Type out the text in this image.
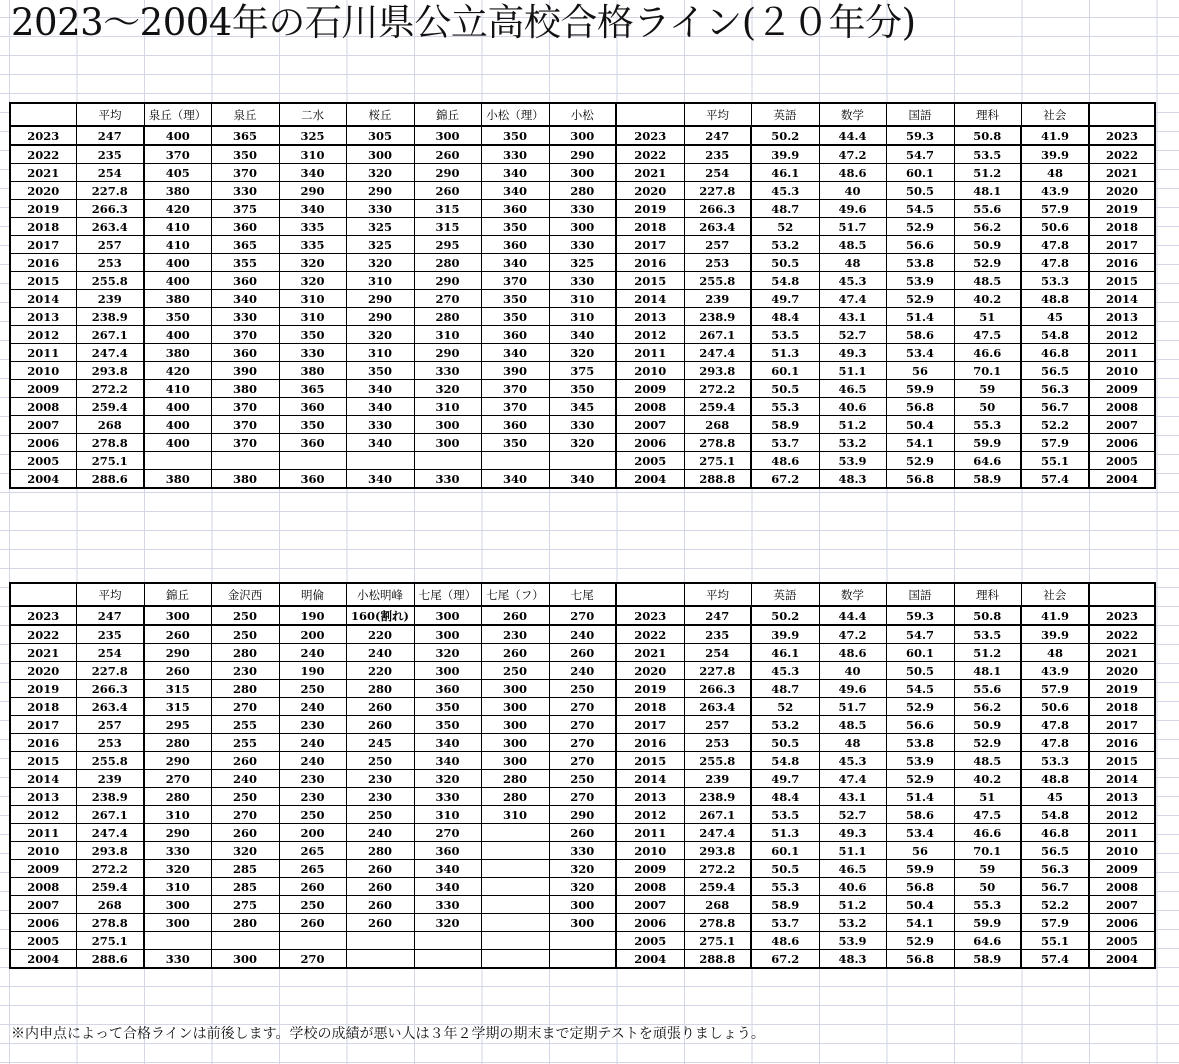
2023〜2004年の石川県公立高校合格ライン(２０年分)
	平均	泉丘（理）	泉丘	二水	桜丘	錦丘	小松（理）	小松		平均	英語	数学	国語	理科	社会	
2023	247	400	365	325	305	300	350	300	2023	247	50.2	44.4	59.3	50.8	41.9	2023
2022	235	370	350	310	300	260	330	290	2022	235	39.9	47.2	54.7	53.5	39.9	2022
2021	254	405	370	340	320	290	340	300	2021	254	46.1	48.6	60.1	51.2	48	2021
2020	227.8	380	330	290	290	260	340	280	2020	227.8	45.3	40	50.5	48.1	43.9	2020
2019	266.3	420	375	340	330	315	360	330	2019	266.3	48.7	49.6	54.5	55.6	57.9	2019
2018	263.4	410	360	335	325	315	350	300	2018	263.4	52	51.7	52.9	56.2	50.6	2018
2017	257	410	365	335	325	295	360	330	2017	257	53.2	48.5	56.6	50.9	47.8	2017
2016	253	400	355	320	320	280	340	325	2016	253	50.5	48	53.8	52.9	47.8	2016
2015	255.8	400	360	320	310	290	370	330	2015	255.8	54.8	45.3	53.9	48.5	53.3	2015
2014	239	380	340	310	290	270	350	310	2014	239	49.7	47.4	52.9	40.2	48.8	2014
2013	238.9	350	330	310	290	280	350	310	2013	238.9	48.4	43.1	51.4	51	45	2013
2012	267.1	400	370	350	320	310	360	340	2012	267.1	53.5	52.7	58.6	47.5	54.8	2012
2011	247.4	380	360	330	310	290	340	320	2011	247.4	51.3	49.3	53.4	46.6	46.8	2011
2010	293.8	420	390	380	350	330	390	375	2010	293.8	60.1	51.1	56	70.1	56.5	2010
2009	272.2	410	380	365	340	320	370	350	2009	272.2	50.5	46.5	59.9	59	56.3	2009
2008	259.4	400	370	360	340	310	370	345	2008	259.4	55.3	40.6	56.8	50	56.7	2008
2007	268	400	370	350	330	300	360	330	2007	268	58.9	51.2	50.4	55.3	52.2	2007
2006	278.8	400	370	360	340	300	350	320	2006	278.8	53.7	53.2	54.1	59.9	57.9	2006
2005	275.1								2005	275.1	48.6	53.9	52.9	64.6	55.1	2005
2004	288.6	380	380	360	340	330	340	340	2004	288.8	67.2	48.3	56.8	58.9	57.4	2004
	平均	錦丘	金沢西	明倫	小松明峰	七尾（理）	七尾（フ）	七尾		平均	英語	数学	国語	理科	社会	
2023	247	300	250	190	160(割れ)	300	260	270	2023	247	50.2	44.4	59.3	50.8	41.9	2023
2022	235	260	250	200	220	300	230	240	2022	235	39.9	47.2	54.7	53.5	39.9	2022
2021	254	290	280	240	240	320	260	260	2021	254	46.1	48.6	60.1	51.2	48	2021
2020	227.8	260	230	190	220	300	250	240	2020	227.8	45.3	40	50.5	48.1	43.9	2020
2019	266.3	315	280	250	280	360	300	250	2019	266.3	48.7	49.6	54.5	55.6	57.9	2019
2018	263.4	315	270	240	260	350	300	270	2018	263.4	52	51.7	52.9	56.2	50.6	2018
2017	257	295	255	230	260	350	300	270	2017	257	53.2	48.5	56.6	50.9	47.8	2017
2016	253	280	255	240	245	340	300	270	2016	253	50.5	48	53.8	52.9	47.8	2016
2015	255.8	290	260	240	250	340	300	270	2015	255.8	54.8	45.3	53.9	48.5	53.3	2015
2014	239	270	240	230	230	320	280	250	2014	239	49.7	47.4	52.9	40.2	48.8	2014
2013	238.9	280	250	230	230	330	280	270	2013	238.9	48.4	43.1	51.4	51	45	2013
2012	267.1	310	270	250	250	310	310	290	2012	267.1	53.5	52.7	58.6	47.5	54.8	2012
2011	247.4	290	260	200	240	270		260	2011	247.4	51.3	49.3	53.4	46.6	46.8	2011
2010	293.8	330	320	265	280	360		330	2010	293.8	60.1	51.1	56	70.1	56.5	2010
2009	272.2	320	285	265	260	340		320	2009	272.2	50.5	46.5	59.9	59	56.3	2009
2008	259.4	310	285	260	260	340		320	2008	259.4	55.3	40.6	56.8	50	56.7	2008
2007	268	300	275	250	260	330		300	2007	268	58.9	51.2	50.4	55.3	52.2	2007
2006	278.8	300	280	260	260	320		300	2006	278.8	53.7	53.2	54.1	59.9	57.9	2006
2005	275.1								2005	275.1	48.6	53.9	52.9	64.6	55.1	2005
2004	288.6	330	300	270					2004	288.8	67.2	48.3	56.8	58.9	57.4	2004
※内申点によって合格ラインは前後します。学校の成績が悪い人は３年２学期の期末まで定期テストを頑張りましょう。
